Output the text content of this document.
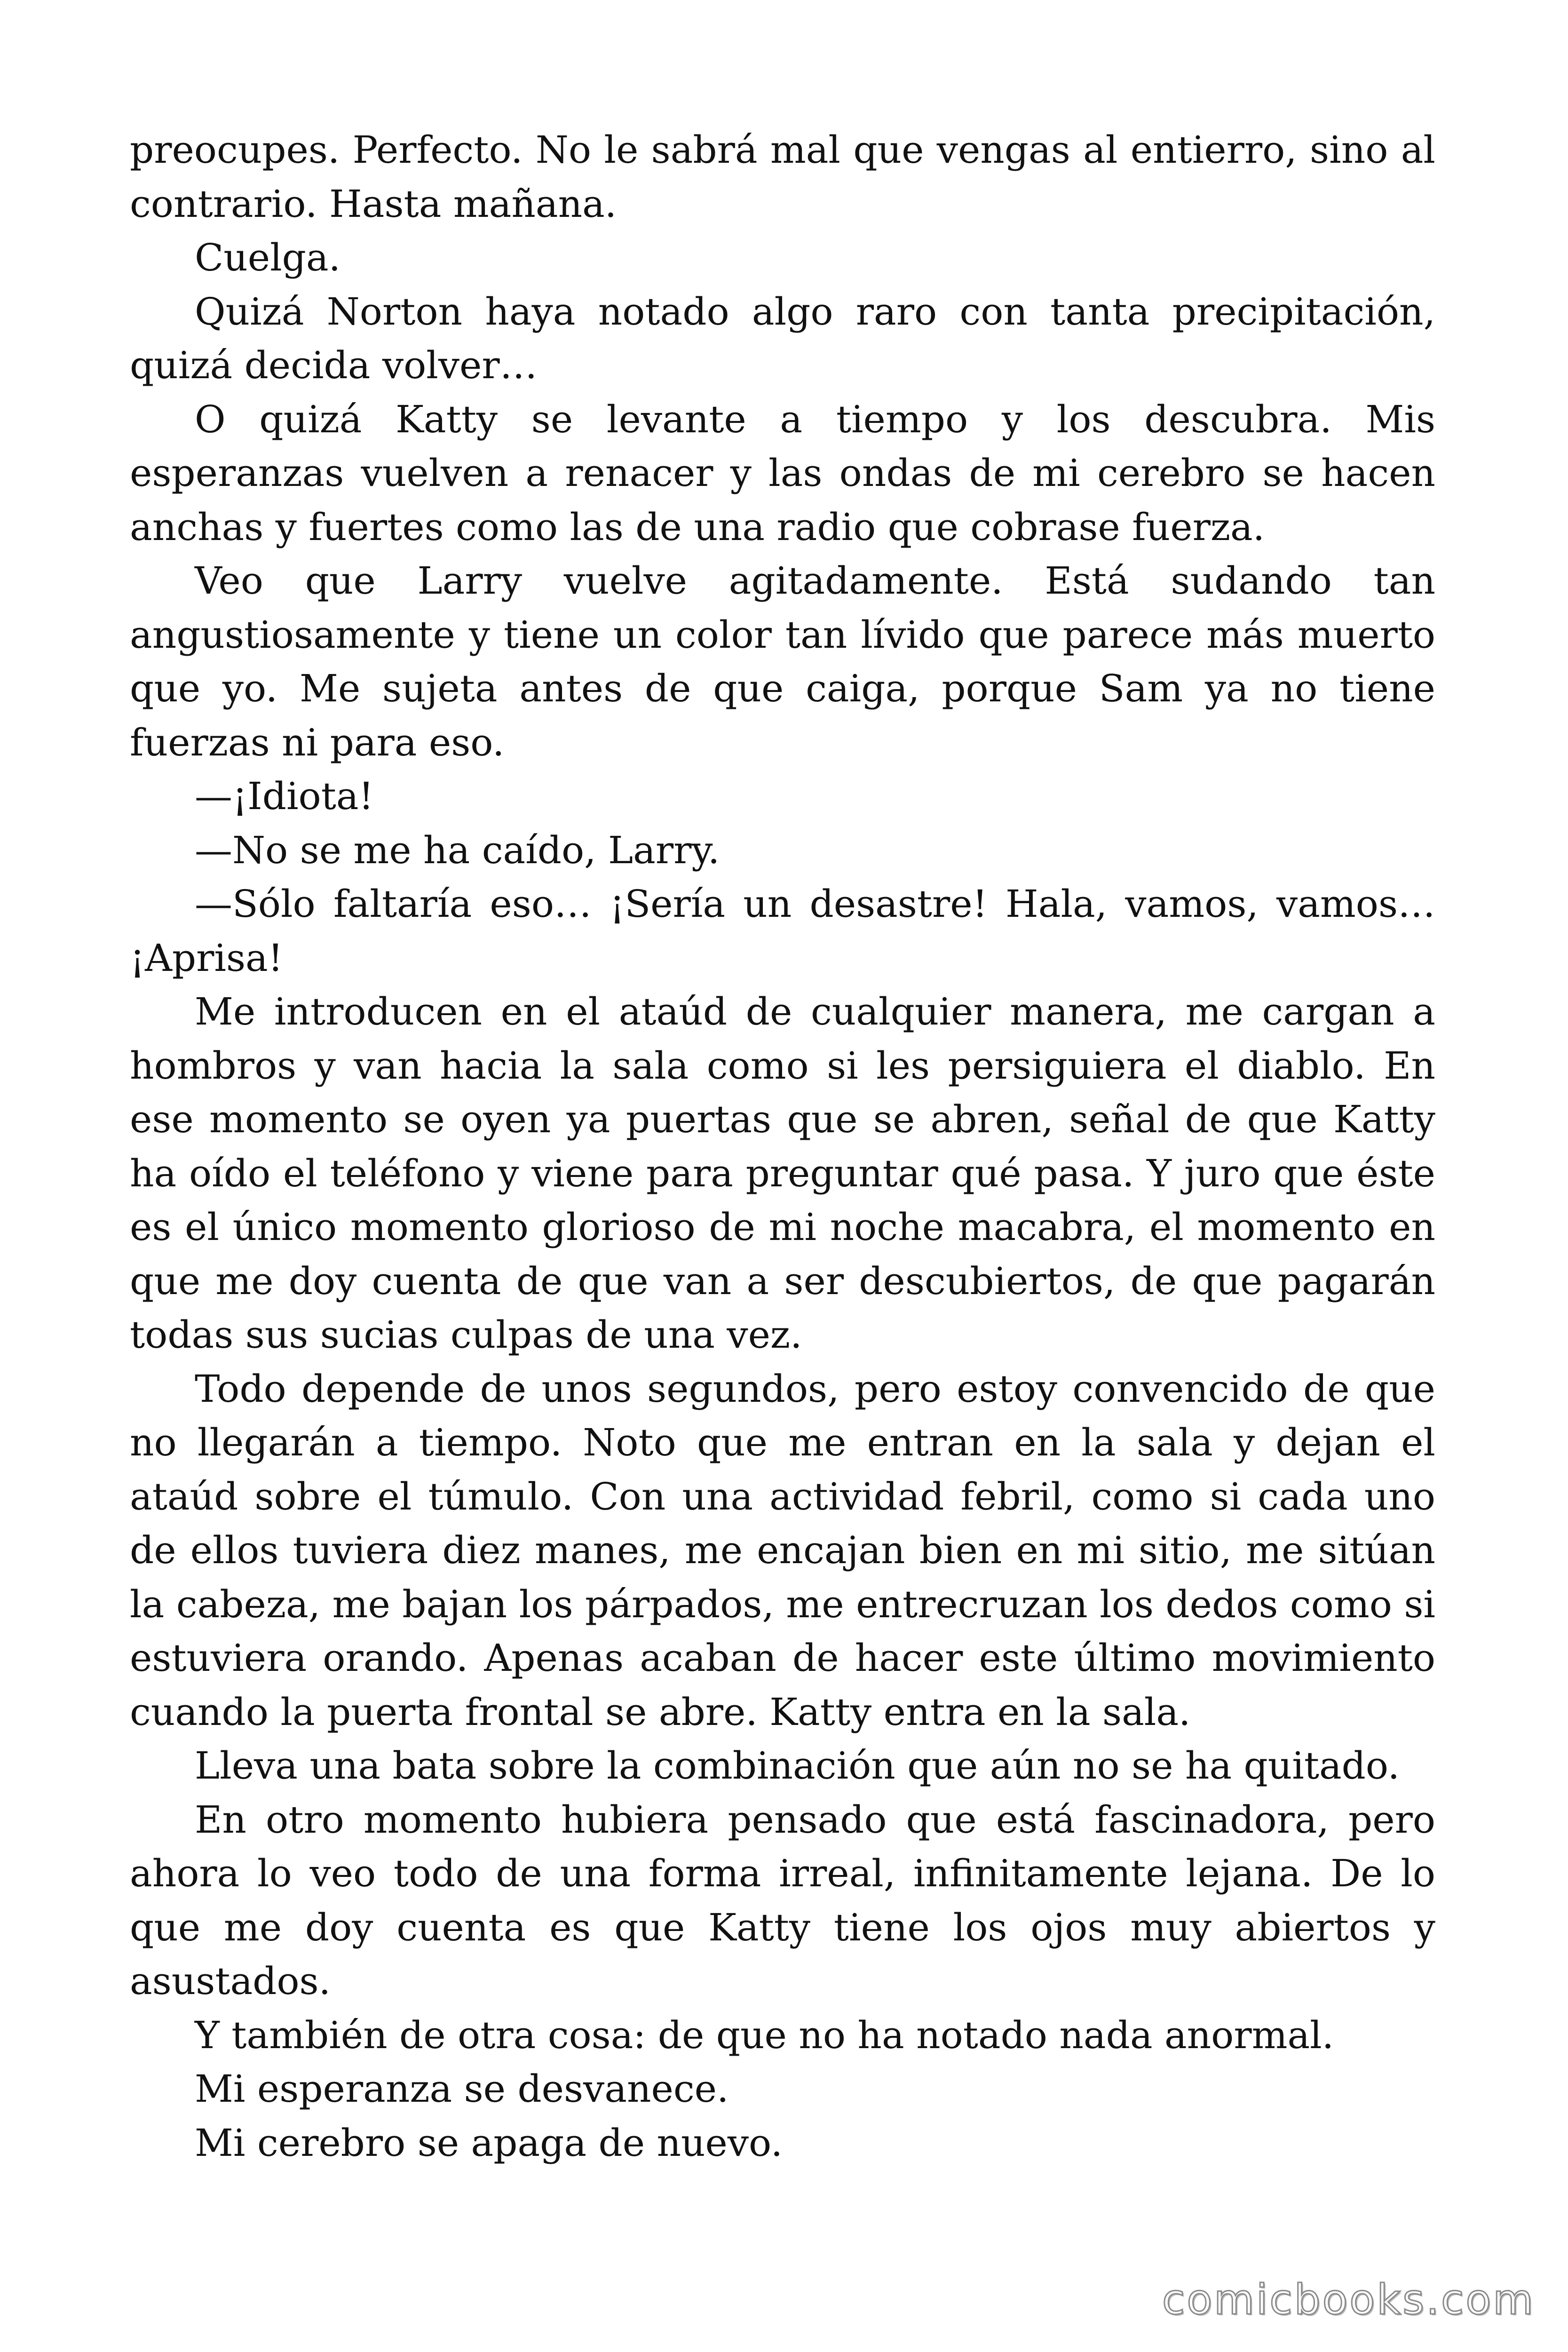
preocupes. Perfecto. No le sabrá mal que vengas al entierro, sino al contrario. Hasta mañana.

Cuelga.

Quizá Norton haya notado algo raro con tanta precipitación, quizá decida volver…

O quizá Katty se levante a tiempo y los descubra. Mis esperanzas vuelven a renacer y las ondas de mi cerebro se hacen anchas y fuertes como las de una radio que cobrase fuerza.

Veo que Larry vuelve agitadamente. Está sudando tan angustiosamente y tiene un color tan lívido que parece más muerto que yo. Me sujeta antes de que caiga, porque Sam ya no tiene fuerzas ni para eso.

—¡Idiota!

—No se me ha caído, Larry.

—Sólo faltaría eso… ¡Sería un desastre! Hala, vamos, vamos… ¡Aprisa!

Me introducen en el ataúd de cualquier manera, me cargan a hombros y van hacia la sala como si les persiguiera el diablo. En ese momento se oyen ya puertas que se abren, señal de que Katty ha oído el teléfono y viene para preguntar qué pasa. Y juro que éste es el único momento glorioso de mi noche macabra, el momento en que me doy cuenta de que van a ser descubiertos, de que pagarán todas sus sucias culpas de una vez.

Todo depende de unos segundos, pero estoy convencido de que no llegarán a tiempo. Noto que me entran en la sala y dejan el ataúd sobre el túmulo. Con una actividad febril, como si cada uno de ellos tuviera diez manes, me encajan bien en mi sitio, me sitúan la cabeza, me bajan los párpados, me entrecruzan los dedos como si estuviera orando. Apenas acaban de hacer este último movimiento cuando la puerta frontal se abre. Katty entra en la sala.

Lleva una bata sobre la combinación que aún no se ha quitado.

En otro momento hubiera pensado que está fascinadora, pero ahora lo veo todo de una forma irreal, infinitamente lejana. De lo que me doy cuenta es que Katty tiene los ojos muy abiertos y asustados.

Y también de otra cosa: de que no ha notado nada anormal.

Mi esperanza se desvanece.

Mi cerebro se apaga de nuevo.

comicbooks.com
